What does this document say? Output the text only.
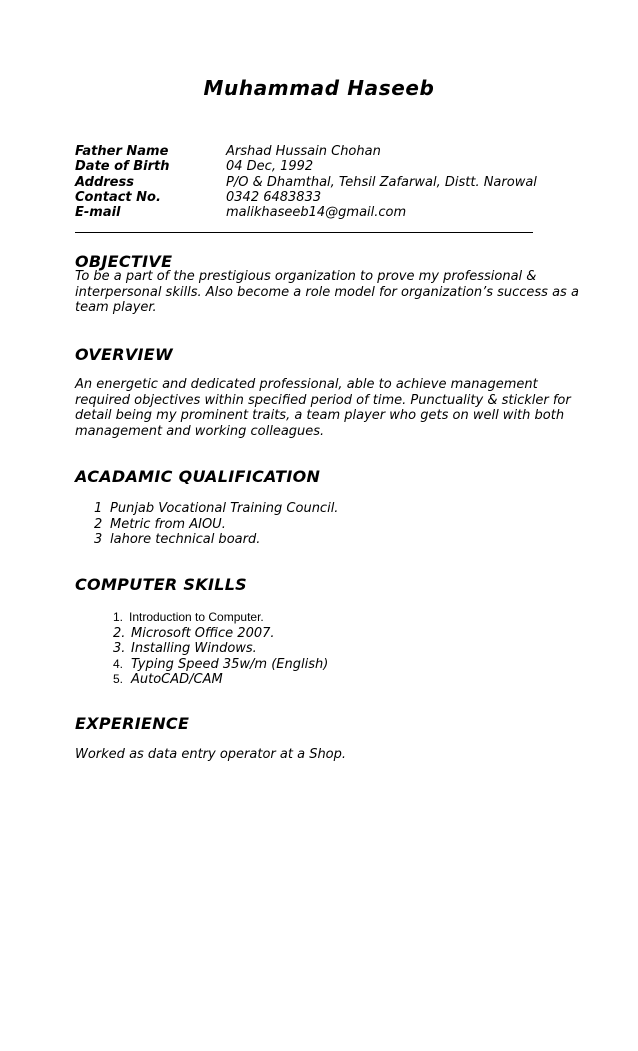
Muhammad Haseeb
Father Name	Arshad Hussain Chohan
Date of Birth	04 Dec, 1992
Address	P/O & Dhamthal, Tehsil Zafarwal, Distt. Narowal
Contact No.	0342 6483833
E-mail	malikhaseeb14@gmail.com
OBJECTIVE
To be a part of the prestigious organization to prove my professional &
interpersonal skills. Also become a role model for organization’s success as a
team player.
OVERVIEW
An energetic and dedicated professional, able to achieve management
required objectives within specified period of time. Punctuality & stickler for
detail being my prominent traits, a team player who gets on well with both
management and working colleagues.
ACADAMIC QUALIFICATION
1 Punjab Vocational Training Council.
2 Metric from AIOU.
3 lahore technical board.
COMPUTER SKILLS
1. Introduction to Computer.
2. Microsoft Office 2007.
3. Installing Windows.
4. Typing Speed 35w/m (English)
5. AutoCAD/CAM
EXPERIENCE
Worked as data entry operator at a Shop.
